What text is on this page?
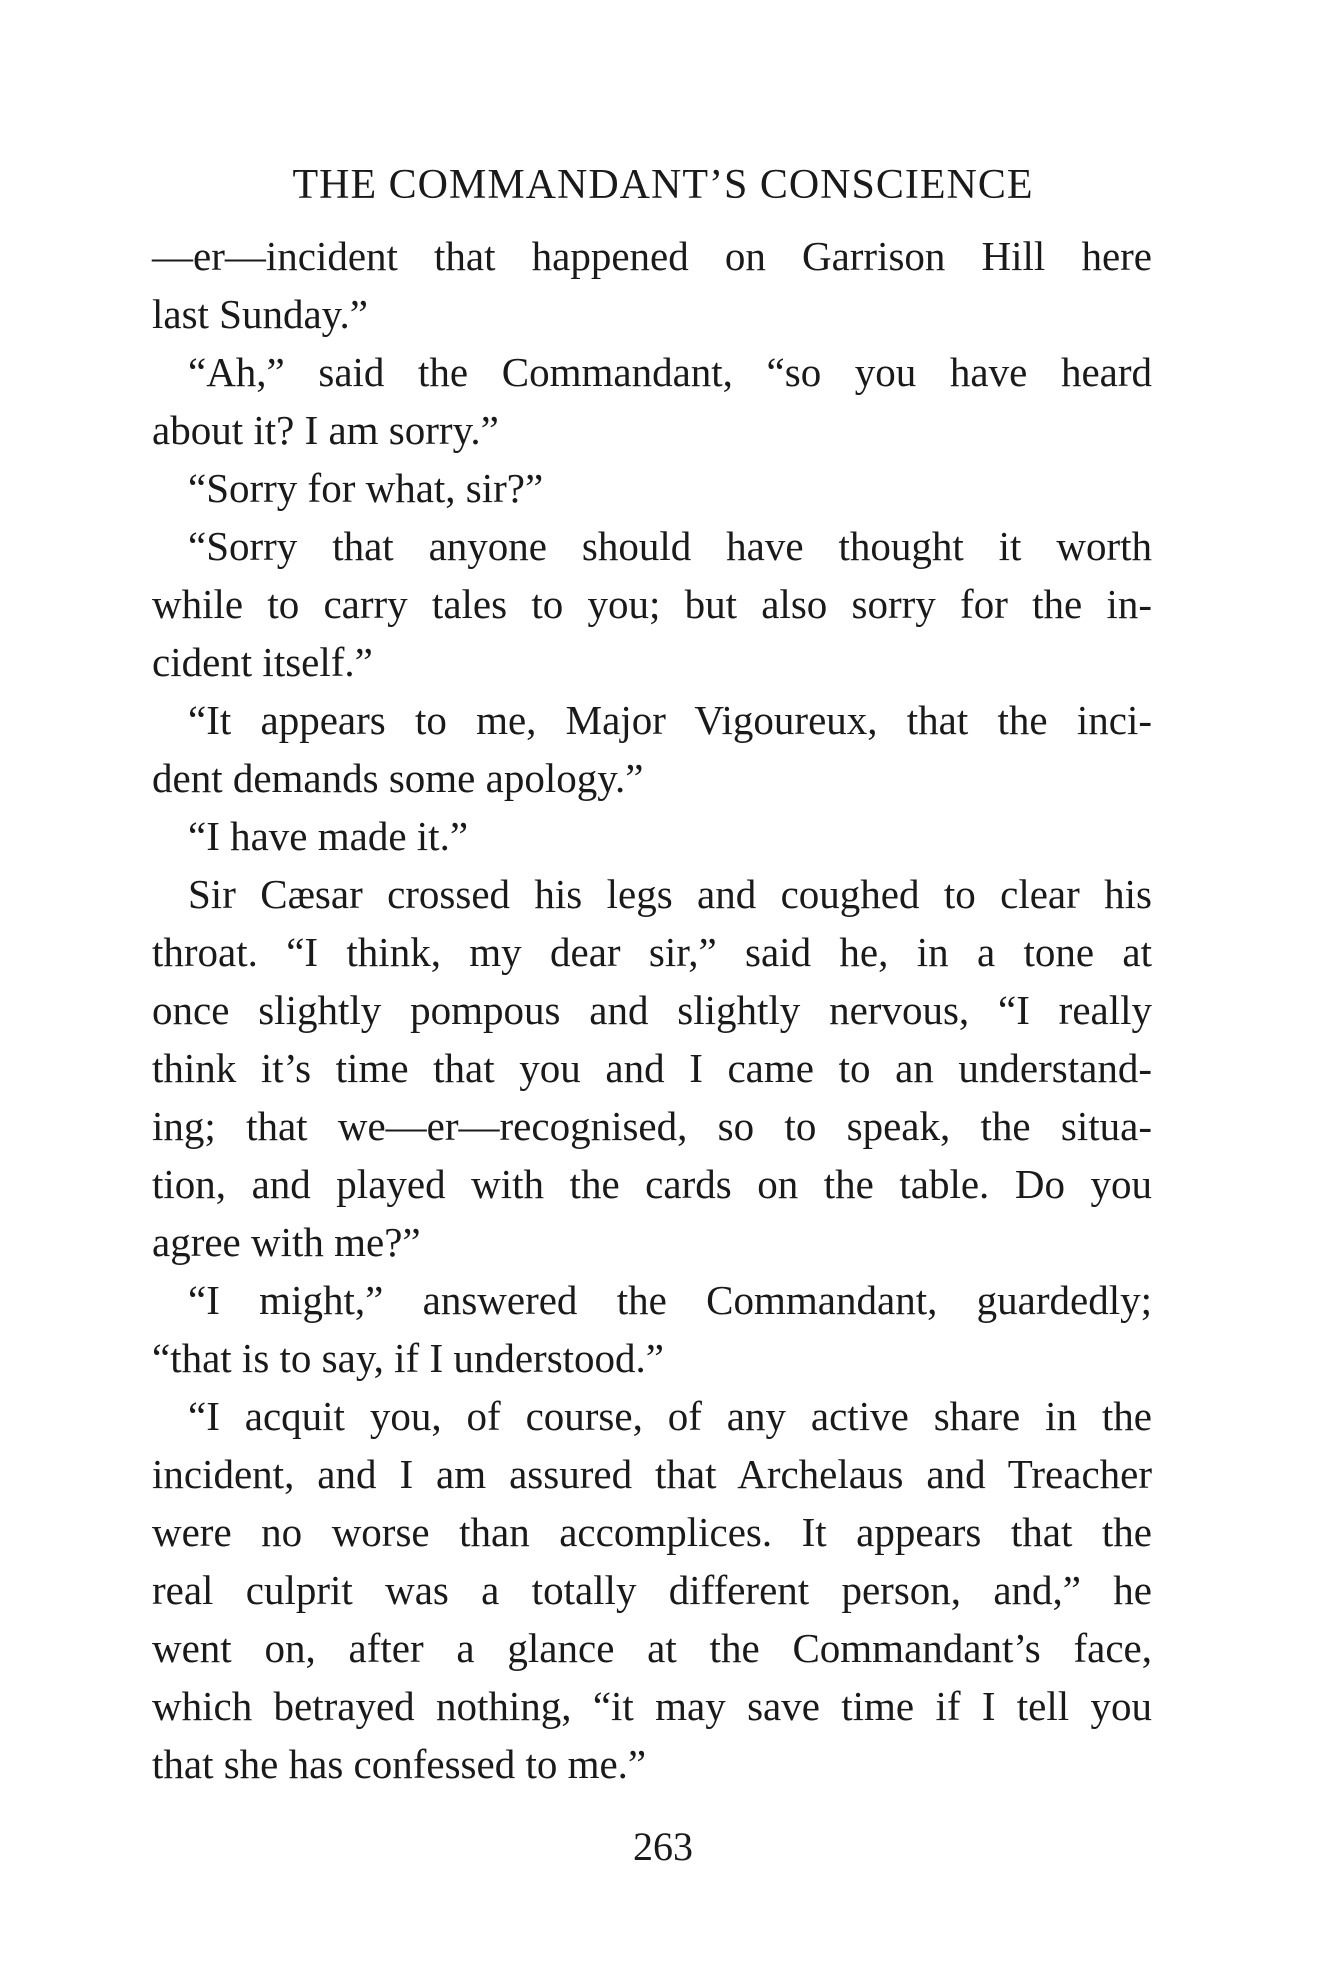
THE COMMANDANT’S CONSCIENCE
—er—incident that happened on Garrison Hill here
last Sunday.”
“Ah,” said the Commandant, “so you have heard
about it? I am sorry.”
“Sorry for what, sir?”
“Sorry that anyone should have thought it worth
while to carry tales to you; but also sorry for the in-
cident itself.”
“It appears to me, Major Vigoureux, that the inci-
dent demands some apology.”
“I have made it.”
Sir Cæsar crossed his legs and coughed to clear his
throat. “I think, my dear sir,” said he, in a tone at
once slightly pompous and slightly nervous, “I really
think it’s time that you and I came to an understand-
ing; that we—er—recognised, so to speak, the situa-
tion, and played with the cards on the table. Do you
agree with me?”
“I might,” answered the Commandant, guardedly;
“that is to say, if I understood.”
“I acquit you, of course, of any active share in the
incident, and I am assured that Archelaus and Treacher
were no worse than accomplices. It appears that the
real culprit was a totally different person, and,” he
went on, after a glance at the Commandant’s face,
which betrayed nothing, “it may save time if I tell you
that she has confessed to me.”
263
